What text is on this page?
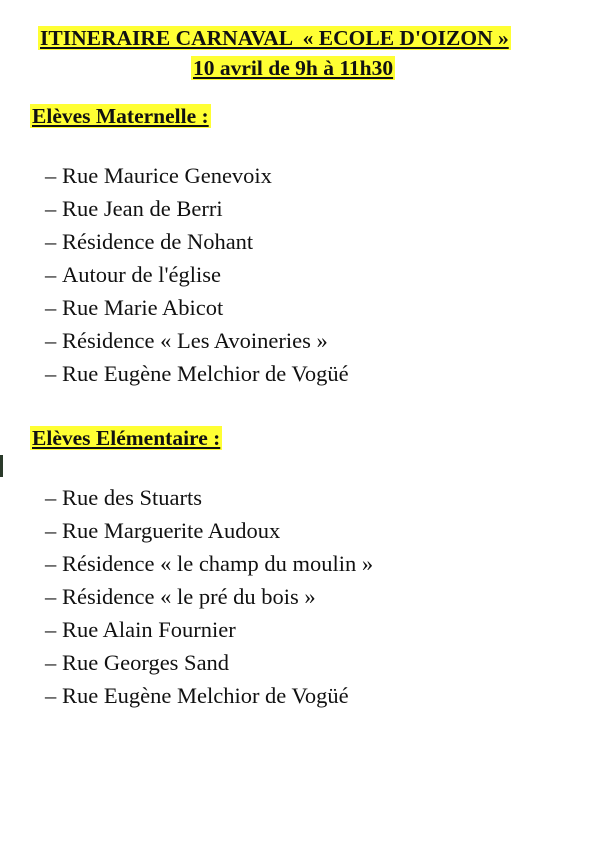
ITINERAIRE CARNAVAL  « ECOLE D'OIZON »
10 avril de 9h à 11h30
Elèves Maternelle :
– Rue Maurice Genevoix
– Rue Jean de Berri
– Résidence de Nohant
– Autour de l'église
– Rue Marie Abicot
– Résidence « Les Avoineries »
– Rue Eugène Melchior de Vogüé
Elèves Elémentaire :
– Rue des Stuarts
– Rue Marguerite Audoux
– Résidence « le champ du moulin »
– Résidence « le pré du bois »
– Rue Alain Fournier
– Rue Georges Sand
– Rue Eugène Melchior de Vogüé
